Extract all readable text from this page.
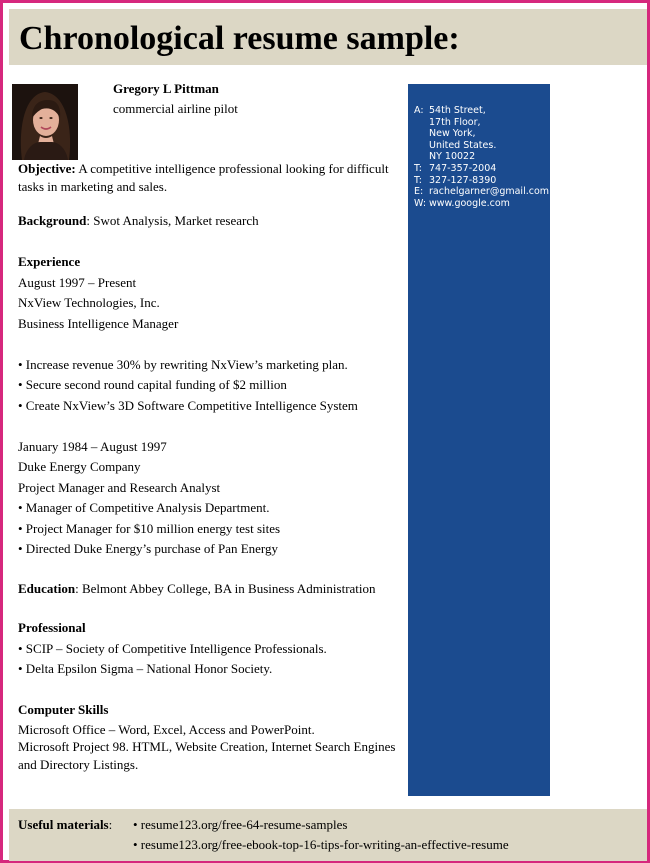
Chronological resume sample:
Gregory L Pittman
commercial airline pilot

Objective: A competitive intelligence professional looking for difficult tasks in marketing and sales.

Background: Swot Analysis, Market research

Experience

August 1997 – Present

NxView Technologies, Inc.

Business Intelligence Manager

• Increase revenue 30% by rewriting NxView’s marketing plan.

• Secure second round capital funding of $2 million

• Create NxView’s 3D Software Competitive Intelligence System

January 1984 – August 1997

Duke Energy Company

Project Manager and Research Analyst

• Manager of Competitive Analysis Department.

• Project Manager for $10 million energy test sites

• Directed Duke Energy’s purchase of Pan Energy

Education: Belmont Abbey College, BA in Business Administration

Professional

• SCIP – Society of Competitive Intelligence Professionals.

• Delta Epsilon Sigma – National Honor Society.

Computer Skills

Microsoft Office – Word, Excel, Access and PowerPoint.

Microsoft Project 98. HTML, Website Creation, Internet Search Engines and Directory Listings.

A: 54th Street,
17th Floor,
New York,
United States.
NY 10022
T: 747-357-2004
T: 327-127-8390
E: rachelgarner@gmail.com
W: www.google.com
Useful materials: • resume123.org/free-64-resume-samples
• resume123.org/free-ebook-top-16-tips-for-writing-an-effective-resume
